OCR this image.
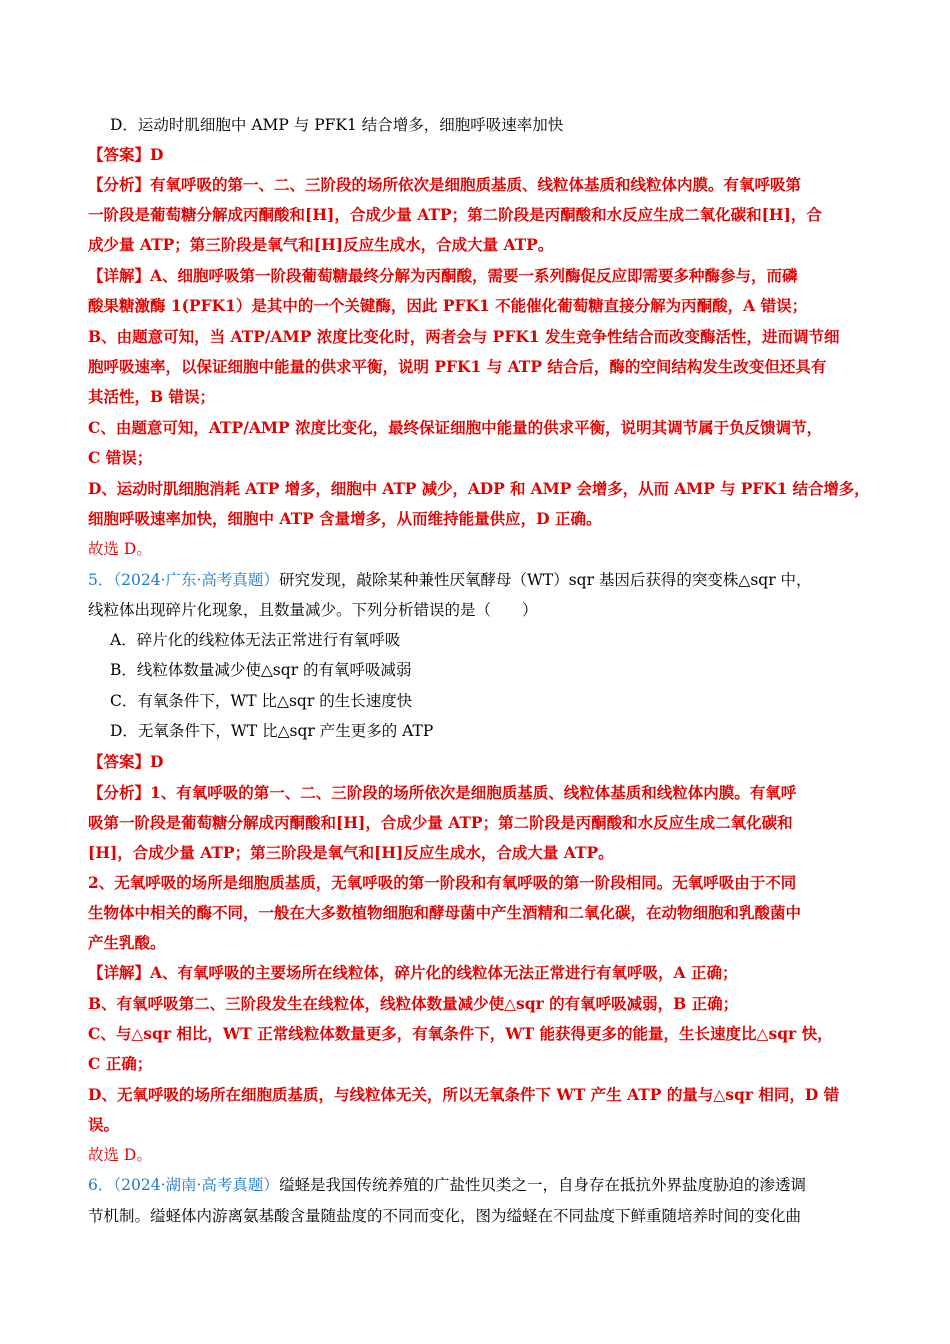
D．运动时肌细胞中 AMP 与 PFK1 结合增多，细胞呼吸速率加快
【答案】D
【分析】有氧呼吸的第一、二、三阶段的场所依次是细胞质基质、线粒体基质和线粒体内膜。有氧呼吸第
一阶段是葡萄糖分解成丙酮酸和[H]，合成少量 ATP；第二阶段是丙酮酸和水反应生成二氧化碳和[H]，合
成少量 ATP；第三阶段是氧气和[H]反应生成水，合成大量 ATP。
【详解】A、细胞呼吸第一阶段葡萄糖最终分解为丙酮酸，需要一系列酶促反应即需要多种酶参与，而磷
酸果糖激酶 1(PFK1）是其中的一个关键酶，因此 PFK1 不能催化葡萄糖直接分解为丙酮酸，A 错误；
B、由题意可知，当 ATP/AMP 浓度比变化时，两者会与 PFK1 发生竞争性结合而改变酶活性，进而调节细
胞呼吸速率，以保证细胞中能量的供求平衡，说明 PFK1 与 ATP 结合后，酶的空间结构发生改变但还具有
其活性，B 错误；
C、由题意可知，ATP/AMP 浓度比变化，最终保证细胞中能量的供求平衡，说明其调节属于负反馈调节，
C 错误；
D、运动时肌细胞消耗 ATP 增多，细胞中 ATP 减少，ADP 和 AMP 会增多，从而 AMP 与 PFK1 结合增多，
细胞呼吸速率加快，细胞中 ATP 含量增多，从而维持能量供应，D 正确。
故选 D。
5．（2024·广东·高考真题）研究发现，敲除某种兼性厌氧酵母（WT）sqr 基因后获得的突变株△sqr 中，
线粒体出现碎片化现象，且数量减少。下列分析错误的是（　　）
A．碎片化的线粒体无法正常进行有氧呼吸
B．线粒体数量减少使△sqr 的有氧呼吸减弱
C．有氧条件下，WT 比△sqr 的生长速度快
D．无氧条件下，WT 比△sqr 产生更多的 ATP
【答案】D
【分析】1、有氧呼吸的第一、二、三阶段的场所依次是细胞质基质、线粒体基质和线粒体内膜。有氧呼
吸第一阶段是葡萄糖分解成丙酮酸和[H]，合成少量 ATP；第二阶段是丙酮酸和水反应生成二氧化碳和
[H]，合成少量 ATP；第三阶段是氧气和[H]反应生成水，合成大量 ATP。
2、无氧呼吸的场所是细胞质基质，无氧呼吸的第一阶段和有氧呼吸的第一阶段相同。无氧呼吸由于不同
生物体中相关的酶不同，一般在大多数植物细胞和酵母菌中产生酒精和二氧化碳，在动物细胞和乳酸菌中
产生乳酸。
【详解】A、有氧呼吸的主要场所在线粒体，碎片化的线粒体无法正常进行有氧呼吸，A 正确；
B、有氧呼吸第二、三阶段发生在线粒体，线粒体数量减少使△sqr 的有氧呼吸减弱，B 正确；
C、与△sqr 相比，WT 正常线粒体数量更多，有氧条件下，WT 能获得更多的能量，生长速度比△sqr 快，
C 正确；
D、无氧呼吸的场所在细胞质基质，与线粒体无关，所以无氧条件下 WT 产生 ATP 的量与△sqr 相同，D 错
误。
故选 D。
6．（2024·湖南·高考真题）缢蛏是我国传统养殖的广盐性贝类之一，自身存在抵抗外界盐度胁迫的渗透调
节机制。缢蛏体内游离氨基酸含量随盐度的不同而变化，图为缢蛏在不同盐度下鲜重随培养时间的变化曲
